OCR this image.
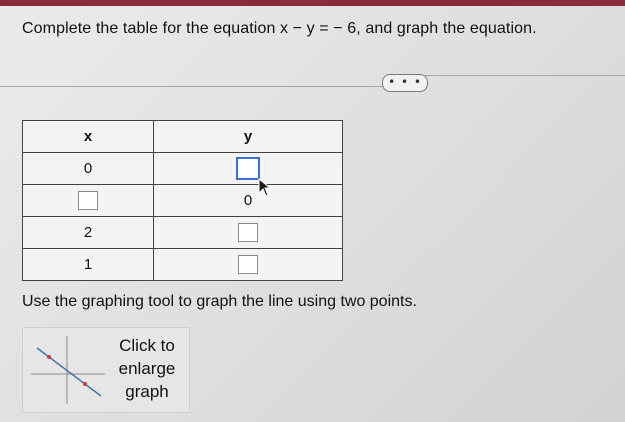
Complete the table for the equation x − y = − 6, and graph the equation.
• • •
x	y
0	
	0
2	
1	
Use the graphing tool to graph the line using two points.
Click to
enlarge
graph
